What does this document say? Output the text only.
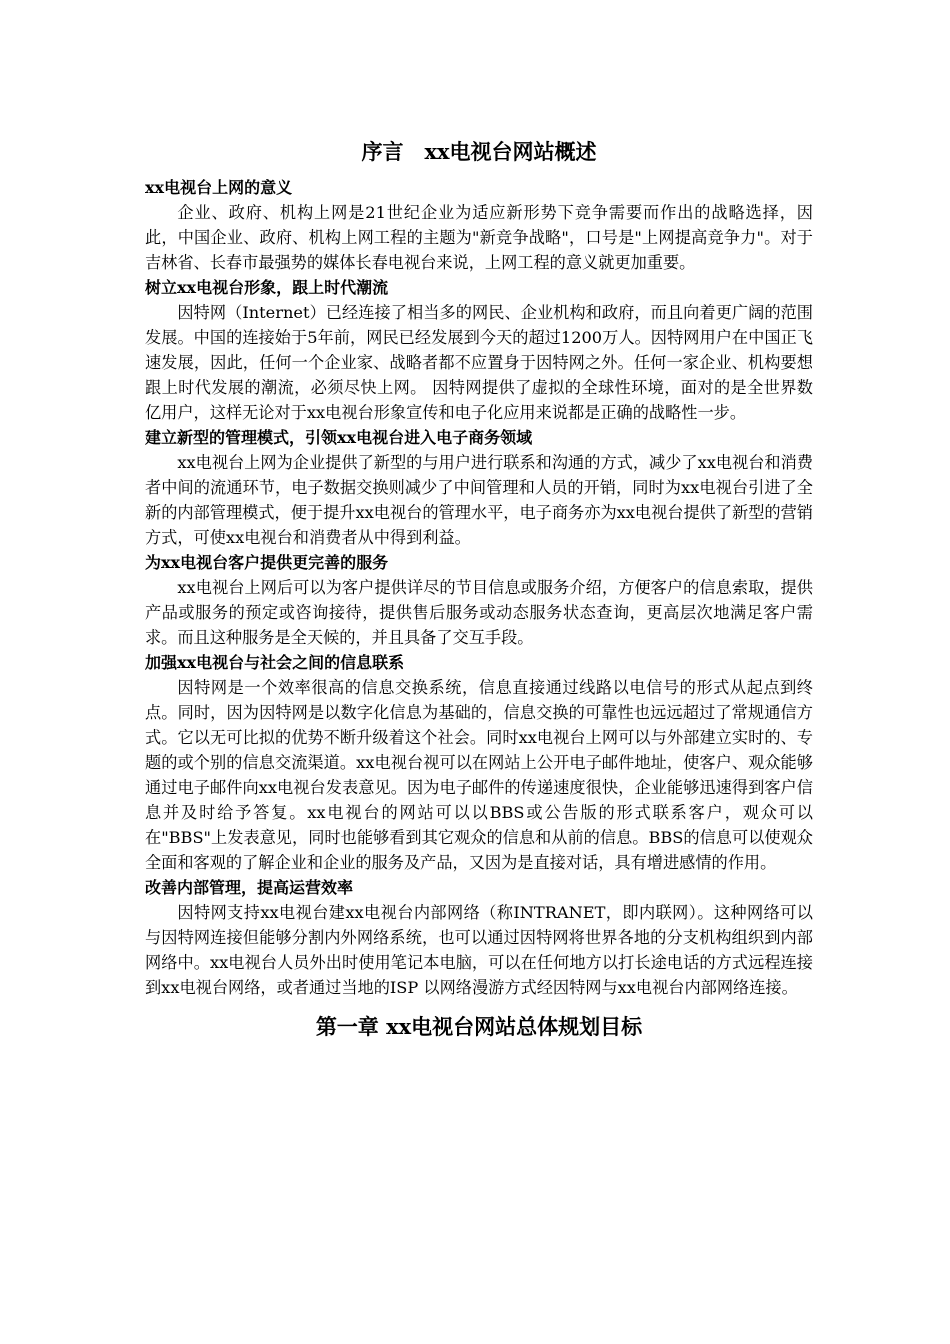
序言　xx电视台网站概述

xx电视台上网的意义

企业、政府、机构上网是21世纪企业为适应新形势下竞争需要而作出的战略选择，因此，中国企业、政府、机构上网工程的主题为"新竞争战略"，口号是"上网提高竞争力"。对于吉林省、长春市最强势的媒体长春电视台来说，上网工程的意义就更加重要。

树立xx电视台形象，跟上时代潮流

因特网（Internet）已经连接了相当多的网民、企业机构和政府，而且向着更广阔的范围发展。中国的连接始于5年前，网民已经发展到今天的超过1200万人。因特网用户在中国正飞速发展，因此，任何一个企业家、战略者都不应置身于因特网之外。任何一家企业、机构要想跟上时代发展的潮流，必须尽快上网。 因特网提供了虚拟的全球性环境，面对的是全世界数亿用户，这样无论对于xx电视台形象宣传和电子化应用来说都是正确的战略性一步。

建立新型的管理模式，引领xx电视台进入电子商务领域

xx电视台上网为企业提供了新型的与用户进行联系和沟通的方式，减少了xx电视台和消费者中间的流通环节，电子数据交换则减少了中间管理和人员的开销，同时为xx电视台引进了全新的内部管理模式，便于提升xx电视台的管理水平，电子商务亦为xx电视台提供了新型的营销方式，可使xx电视台和消费者从中得到利益。

为xx电视台客户提供更完善的服务

xx电视台上网后可以为客户提供详尽的节目信息或服务介绍，方便客户的信息索取，提供产品或服务的预定或咨询接待，提供售后服务或动态服务状态查询，更高层次地满足客户需求。而且这种服务是全天候的，并且具备了交互手段。

加强xx电视台与社会之间的信息联系

因特网是一个效率很高的信息交换系统，信息直接通过线路以电信号的形式从起点到终点。同时，因为因特网是以数字化信息为基础的，信息交换的可靠性也远远超过了常规通信方式。它以无可比拟的优势不断升级着这个社会。同时xx电视台上网可以与外部建立实时的、专题的或个别的信息交流渠道。xx电视台视可以在网站上公开电子邮件地址，使客户、观众能够通过电子邮件向xx电视台发表意见。因为电子邮件的传递速度很快，企业能够迅速得到客户信息并及时给予答复。xx电视台的网站可以以BBS或公告版的形式联系客户，观众可以在"BBS"上发表意见，同时也能够看到其它观众的信息和从前的信息。BBS的信息可以使观众全面和客观的了解企业和企业的服务及产品，又因为是直接对话，具有增进感情的作用。

改善内部管理，提高运营效率

因特网支持xx电视台建xx电视台内部网络（称INTRANET，即内联网）。这种网络可以与因特网连接但能够分割内外网络系统，也可以通过因特网将世界各地的分支机构组织到内部网络中。xx电视台人员外出时使用笔记本电脑，可以在任何地方以打长途电话的方式远程连接到xx电视台网络，或者通过当地的ISP 以网络漫游方式经因特网与xx电视台内部网络连接。

第一章 xx电视台网站总体规划目标
